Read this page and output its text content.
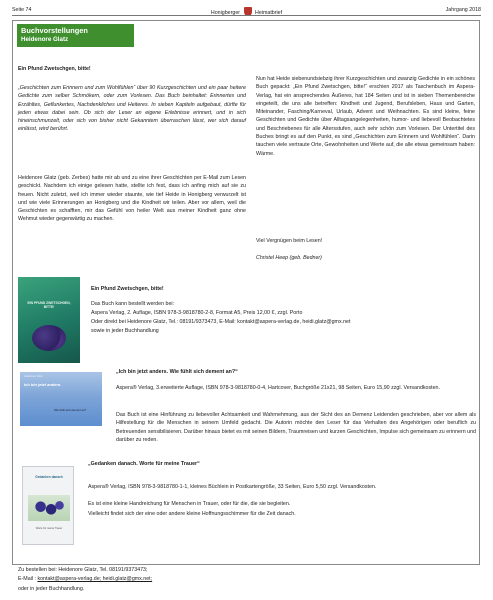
Seite 74	Honigberger	Heimatbrief	Jahrgang 2018
Buchvorstellungen
Heidenore Glatz
Ein Pfund Zwetschgen, bitte!
„Geschichten zum Erinnern und zum Wohlfühlen“ über 90 Kurzgeschichten und ein paar heitere Gedichte zum selber Schmökern, oder zum Vorlesen. Das Buch beinhaltet: Erinnertes und Erzähltes, Geflunkertes, Nachdenkliches und Heiteres. In sieben Kapiteln aufgebaut, dürfte für jeden etwas dabei sein. Ob sich der Leser an eigene Erlebnisse erinnert, und in sich hineinschmunzelt, oder sich von bisher nicht Gekanntem überraschen lässt, wer sich darauf einlässt, wird berührt.
Heidenore Glatz (geb. Zerbes) hatte mir ab und zu eine ihrer Geschichten per E-Mail zum Lesen geschickt. Nachdem ich einige gelesen hatte, stellte ich fest, dass ich anfing mich auf sie zu freuen. Nicht zuletzt, weil ich immer wieder staunte, wie tief Heide in Honigberg verwurzelt ist und wie viele Erinnerungen an Honigberg und die Kindheit wir teilen. Aber vor allem, weil die Geschichten es schafften, mir das Gefühl von heiler Welt aus meiner Kindheit ganz ohne Wehmut wieder gegenwärtig zu machen.
Nun hat Heide siebenundsiebzig ihrer Kurzgeschichten und zwanzig Gedichte in ein schönes Buch gepackt: „Ein Pfund Zwetschgen, bitte!“ erschien 2017 als Taschenbuch im Aspera-Verlag, hat ein ansprechendes Äußeres, hat 184 Seiten und ist in sieben Themenbereiche eingeteilt, die uns alle betreffen: Kindheit und Jugend, Berufsleben, Haus und Garten, Miteinander, Fasching/Karneval, Urlaub, Advent und Weihnachten. Es sind kleine, feine Geschichten und Gedichte über Alltagsangelegenheiten, humor- und liebevoll Beobachtetes und Beschriebenes für alle Altersstufen, auch sehr schön zum Vorlesen. Der Untertitel des Buches bringt es auf den Punkt, es sind „Geschichten zum Erinnern und Wohlfühlen“. Darin tauchen viele vertraute Orte, Gewohnheiten und Werte auf, die alle etwas gemeinsam haben: Wärme.
Viel Vergnügen beim Lesen!
Christel Heep (geb. Bedner)
EIN PFUND ZWETSCHGEN, BITTE!
Ein Pfund Zwetschgen, bitte!
Das Buch kann bestellt werden bei:
Aspera Verlag, 2. Auflage, ISBN 978-3-9818780-2-8, Format A5, Preis 12,00 €, zzgl. Porto
Oder direkt bei Heidenore Glatz, Tel.: 08191/9373473, E-Mail: kontakt@aspera-verlag.de, heidi.glatz@gmx.net
sowie in jeder Buchhandlung
Heidenore Glatz
Ich bin jetzt anders.
Wie fühlt sich dement an?
„Ich bin jetzt anders. Wie fühlt sich dement an?“
Aspera® Verlag, 3.erweiterte Auflage, ISBN 978-3-9818780-0-4, Hartcover, Buchgröße 21x21, 98 Seiten, Euro 15,90 zzgl. Versandkosten.
Das Buch ist eine Hinführung zu liebevoller Achtsamkeit und Wahrnehmung, aus der Sicht des an Demenz Leidenden geschrieben, aber vor allem als Hilfestellung für die Menschen in seinem Umfeld gedacht. Die Autorin möchte den Leser für das Verhalten des Angehörigen oder beruflich zu Betreuenden sensibilisieren. Darüber hinaus bietet es mit seinen Bildern, Traumreisen und kurzen Geschichten, Impulse sich gemeinsam zu erinnern und darüber zu reden.
Gedanken danach
Worte für meine Trauer
„Gedanken danach. Worte für meine Trauer“
Aspera® Verlag, ISBN 978-3-9818780-1-1, kleines Büchlein in Postkartengröße, 33 Seiten, Euro 5,50 zzgl. Versandkosten.
Es ist eine kleine Handreichung für Menschen in Trauer, oder für die, die sie begleiten.
Vielleicht findet sich der eine oder andere kleine Hoffnungsschimmer für die Zeit danach.
Zu bestellen bei: Heidenore Glatz, Tel. 08191/9373473;
E-Mail : kontakt@aspera-verlag.de; heidi.glatz@gmx.net;
oder in jeder Buchhandlung.
